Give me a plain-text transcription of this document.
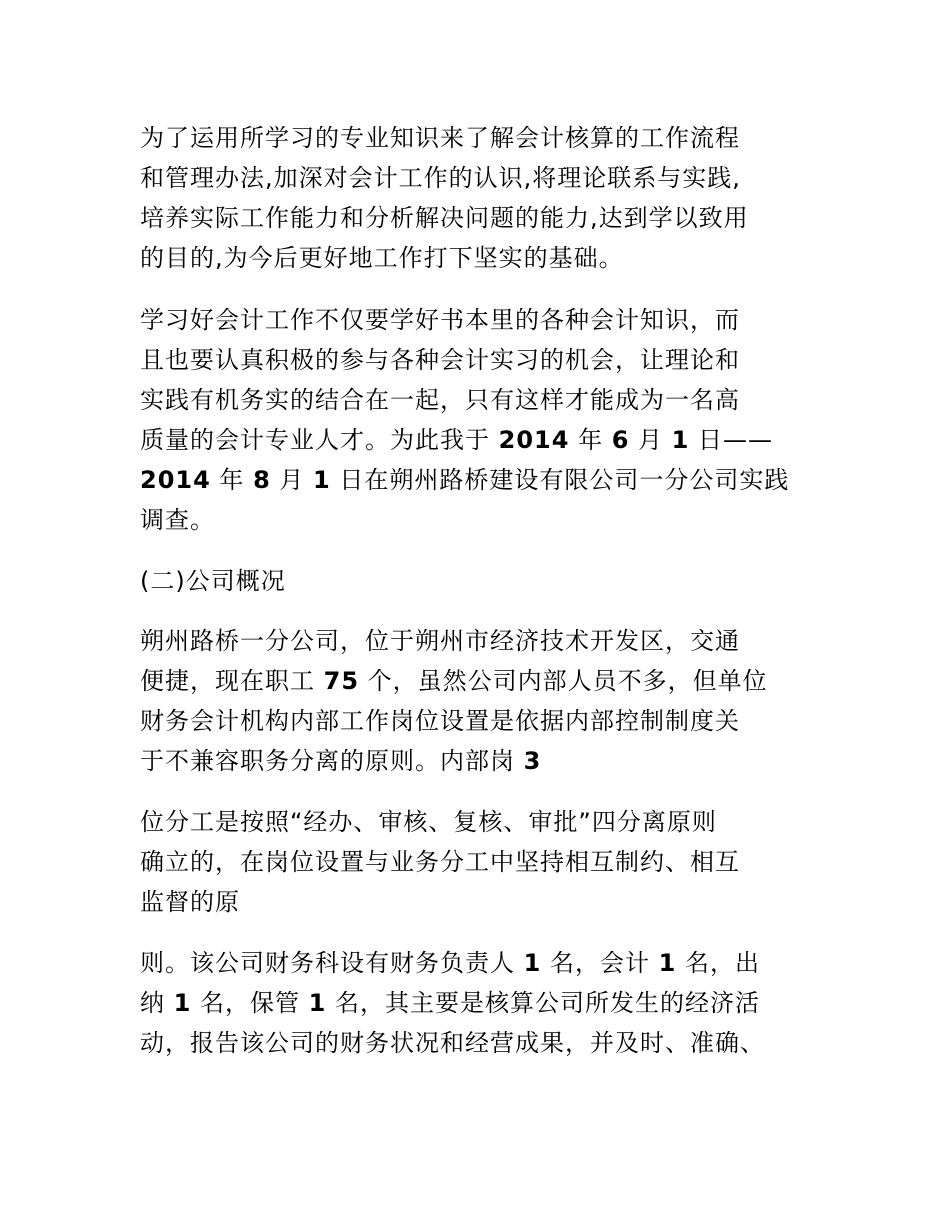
为了运用所学习的专业知识来了解会计核算的工作流程
和管理办法,加深对会计工作的认识,将理论联系与实践,
培养实际工作能力和分析解决问题的能力,达到学以致用
的目的,为今后更好地工作打下坚实的基础。
学习好会计工作不仅要学好书本里的各种会计知识，而
且也要认真积极的参与各种会计实习的机会，让理论和
实践有机务实的结合在一起，只有这样才能成为一名高
质量的会计专业人才。为此我于 2014 年 6 月 1 日——
2014 年 8 月 1 日在朔州路桥建设有限公司一分公司实践
调查。
(二)公司概况
朔州路桥一分公司，位于朔州市经济技术开发区，交通
便捷，现在职工 75 个，虽然公司内部人员不多，但单位
财务会计机构内部工作岗位设置是依据内部控制制度关
于不兼容职务分离的原则。内部岗 3
位分工是按照“经办、审核、复核、审批”四分离原则
确立的，在岗位设置与业务分工中坚持相互制约、相互
监督的原
则。该公司财务科设有财务负责人 1 名，会计 1 名，出
纳 1 名，保管 1 名，其主要是核算公司所发生的经济活
动，报告该公司的财务状况和经营成果，并及时、准确、
